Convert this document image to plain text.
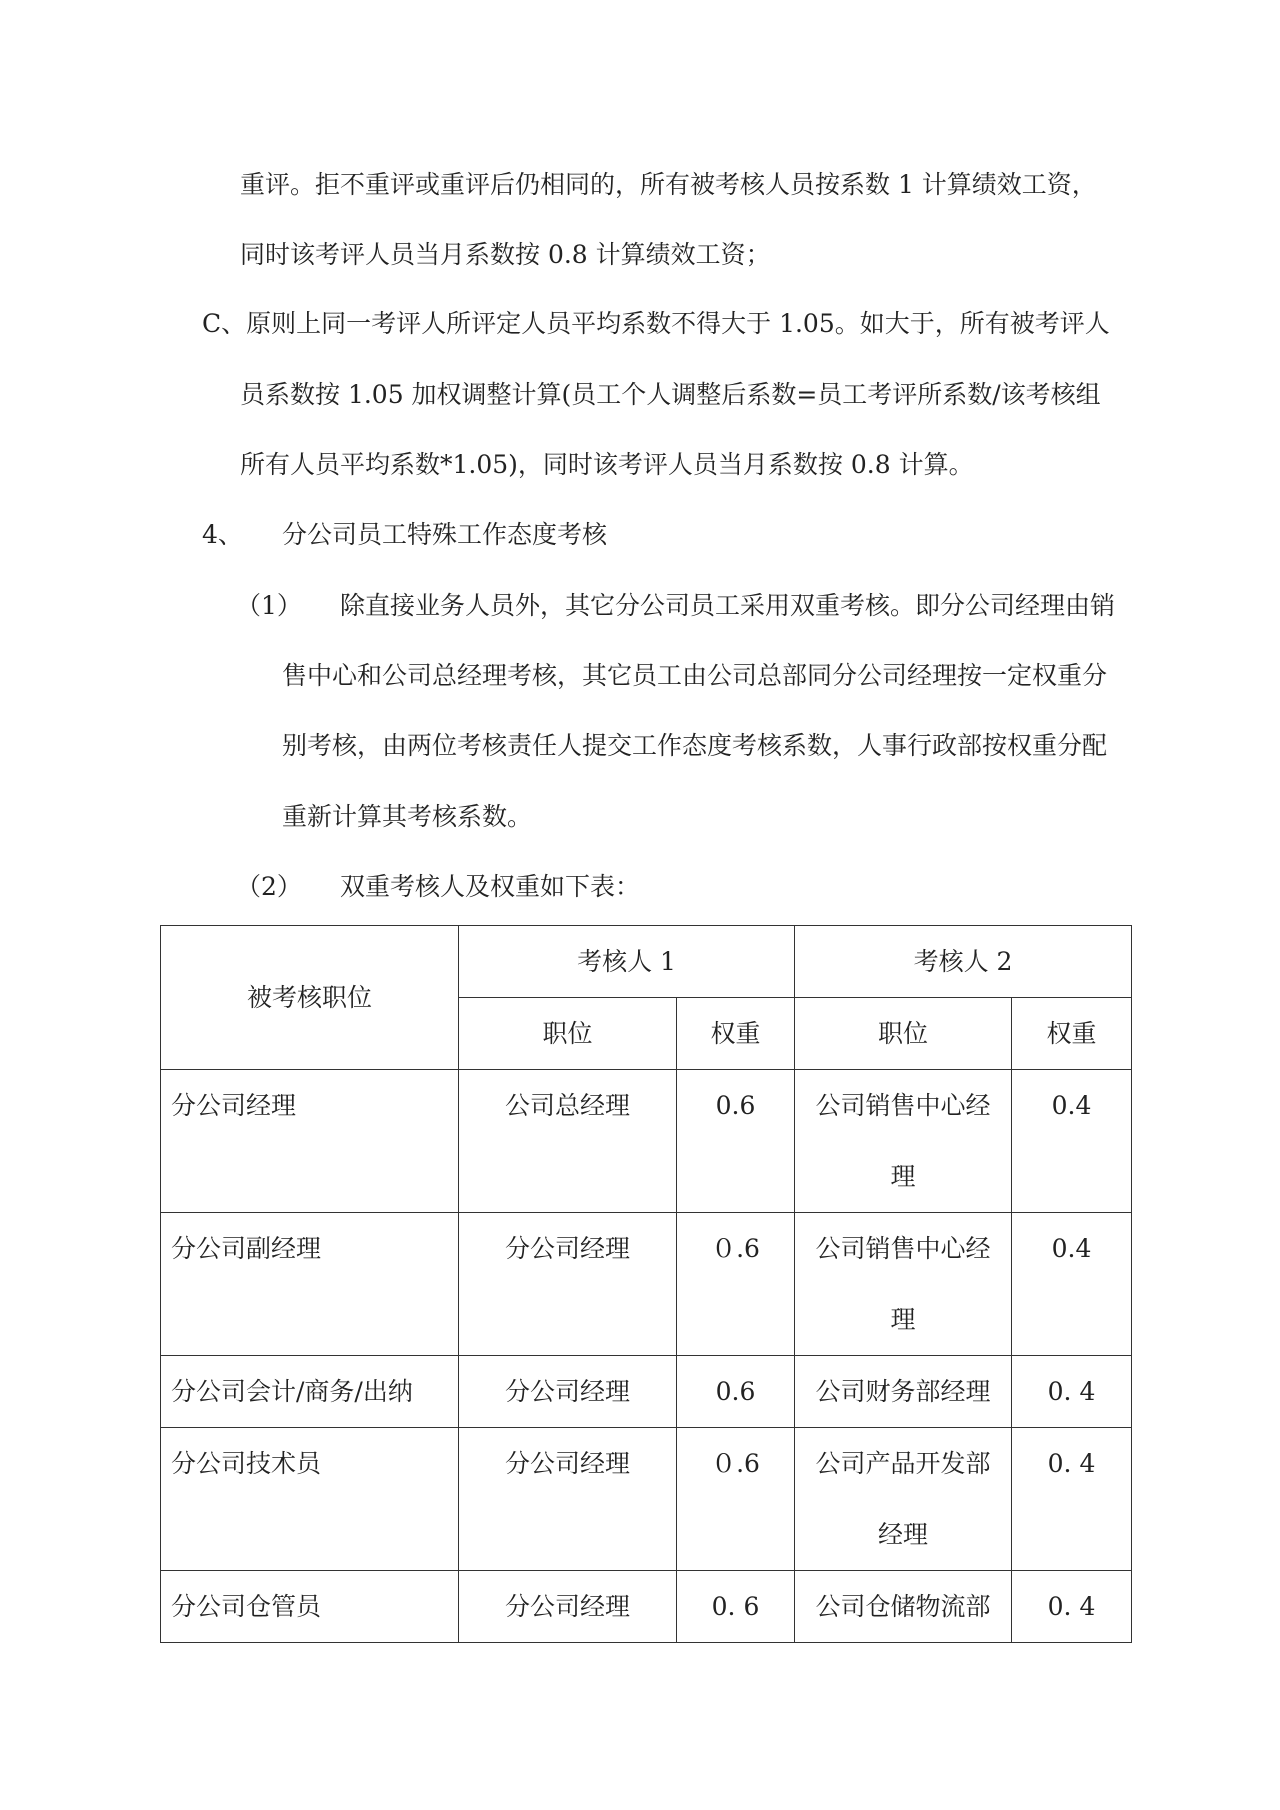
重评。拒不重评或重评后仍相同的，所有被考核人员按系数 1 计算绩效工资，

同时该考评人员当月系数按 0.8 计算绩效工资；

C、原则上同一考评人所评定人员平均系数不得大于 1.05。如大于，所有被考评人

员系数按 1.05 加权调整计算(员工个人调整后系数=员工考评所系数/该考核组

所有人员平均系数*1.05)，同时该考评人员当月系数按 0.8 计算。

4、 分公司员工特殊工作态度考核

（1） 除直接业务人员外，其它分公司员工采用双重考核。即分公司经理由销

售中心和公司总经理考核，其它员工由公司总部同分公司经理按一定权重分

别考核，由两位考核责任人提交工作态度考核系数，人事行政部按权重分配

重新计算其考核系数。

（2） 双重考核人及权重如下表：

被考核职位	考核人 1		考核人 2	
	职位	权重	职位	权重
分公司经理	公司总经理	0.6	公司销售中心经理	0.4
分公司副经理	分公司经理	０.6	公司销售中心经理	0.4
分公司会计/商务/出纳	分公司经理	0.6	公司财务部经理	0. 4
分公司技术员	分公司经理	０.6	公司产品开发部经理	0. 4
分公司仓管员	分公司经理	0. 6	公司仓储物流部	0. 4
